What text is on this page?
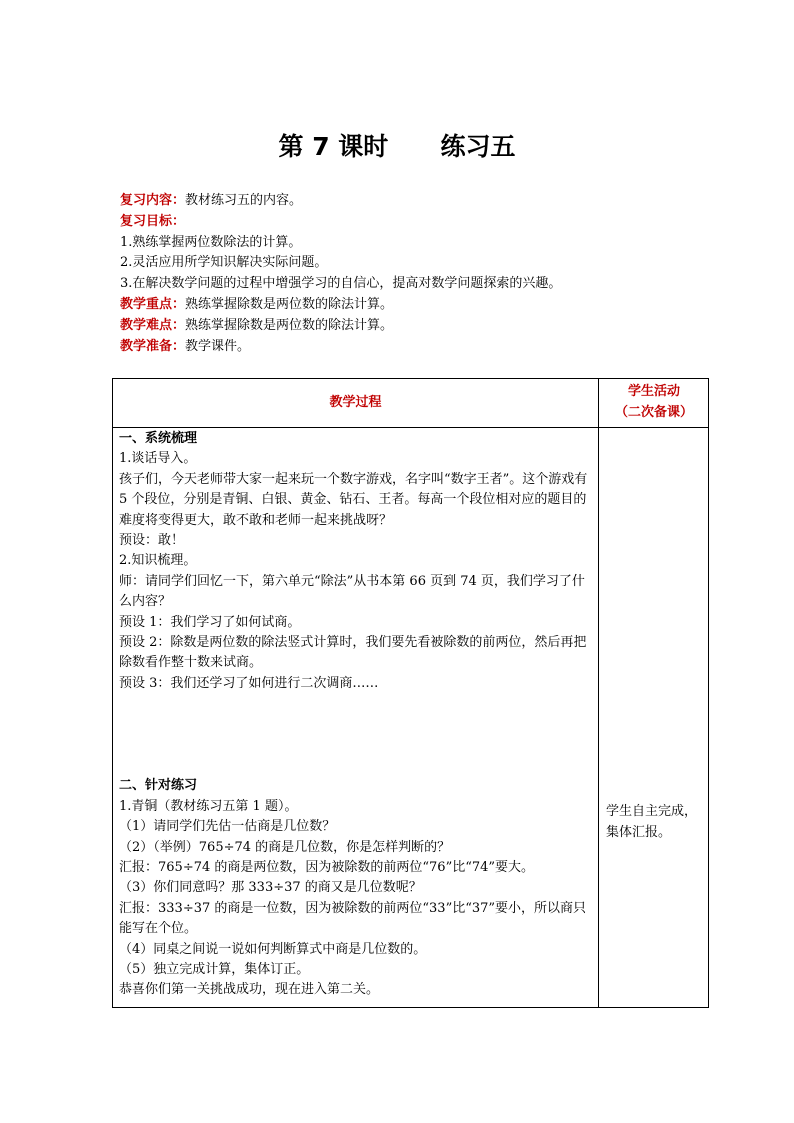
第 7 课时      练习五
复习内容：教材练习五的内容。
复习目标：
1.熟练掌握两位数除法的计算。
2.灵活应用所学知识解决实际问题。
3.在解决数学问题的过程中增强学习的自信心，提高对数学问题探索的兴趣。
教学重点：熟练掌握除数是两位数的除法计算。
教学难点：熟练掌握除数是两位数的除法计算。
教学准备：教学课件。
教学过程
学生活动
（二次备课）

一、系统梳理

1.谈话导入。

孩子们，今天老师带大家一起来玩一个数字游戏，名字叫“数字王者”。这个游戏有 5 个段位，分别是青铜、白银、黄金、钻石、王者。每高一个段位相对应的题目的难度将变得更大，敢不敢和老师一起来挑战呀？

预设：敢！

2.知识梳理。

师：请同学们回忆一下，第六单元“除法”从书本第 66 页到 74 页，我们学习了什么内容？

预设 1：我们学习了如何试商。

预设 2：除数是两位数的除法竖式计算时，我们要先看被除数的前两位，然后再把除数看作整十数来试商。

预设 3：我们还学习了如何进行二次调商……

二、针对练习

1.青铜（教材练习五第 1 题）。

（1）请同学们先估一估商是几位数？

（2）（举例）765÷74 的商是几位数，你是怎样判断的？

汇报：765÷74 的商是两位数，因为被除数的前两位“76”比“74”要大。

（3）你们同意吗？那 333÷37 的商又是几位数呢？

汇报：333÷37 的商是一位数，因为被除数的前两位“33”比“37”要小，所以商只能写在个位。

（4）同桌之间说一说如何判断算式中商是几位数的。

（5）独立完成计算，集体订正。

恭喜你们第一关挑战成功，现在进入第二关。

学生自主完成，集体汇报。
